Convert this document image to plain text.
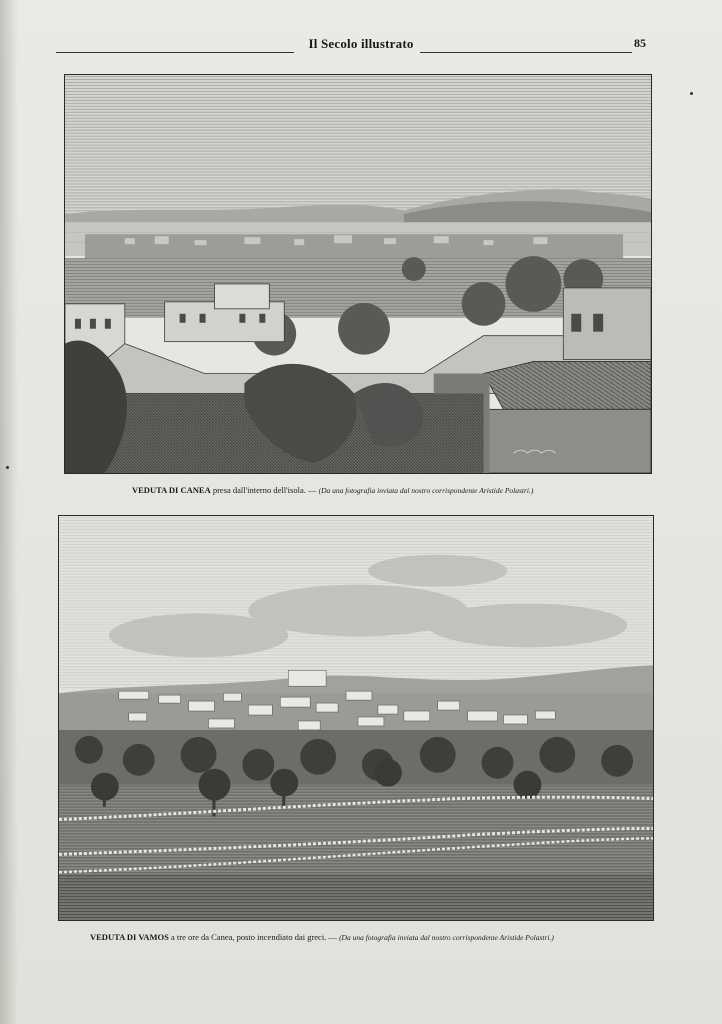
Il Secolo illustrato	85
VEDUTA DI CANEA presa dall'interno dell'isola. — (Da una fotografia inviata dal nostro corrispondente Aristide Polastri.)
VEDUTA DI VAMOS a tre ore da Canea, posto incendiato dai greci. — (Da una fotografia inviata dal nostro corrispondente Aristide Polastri.)
